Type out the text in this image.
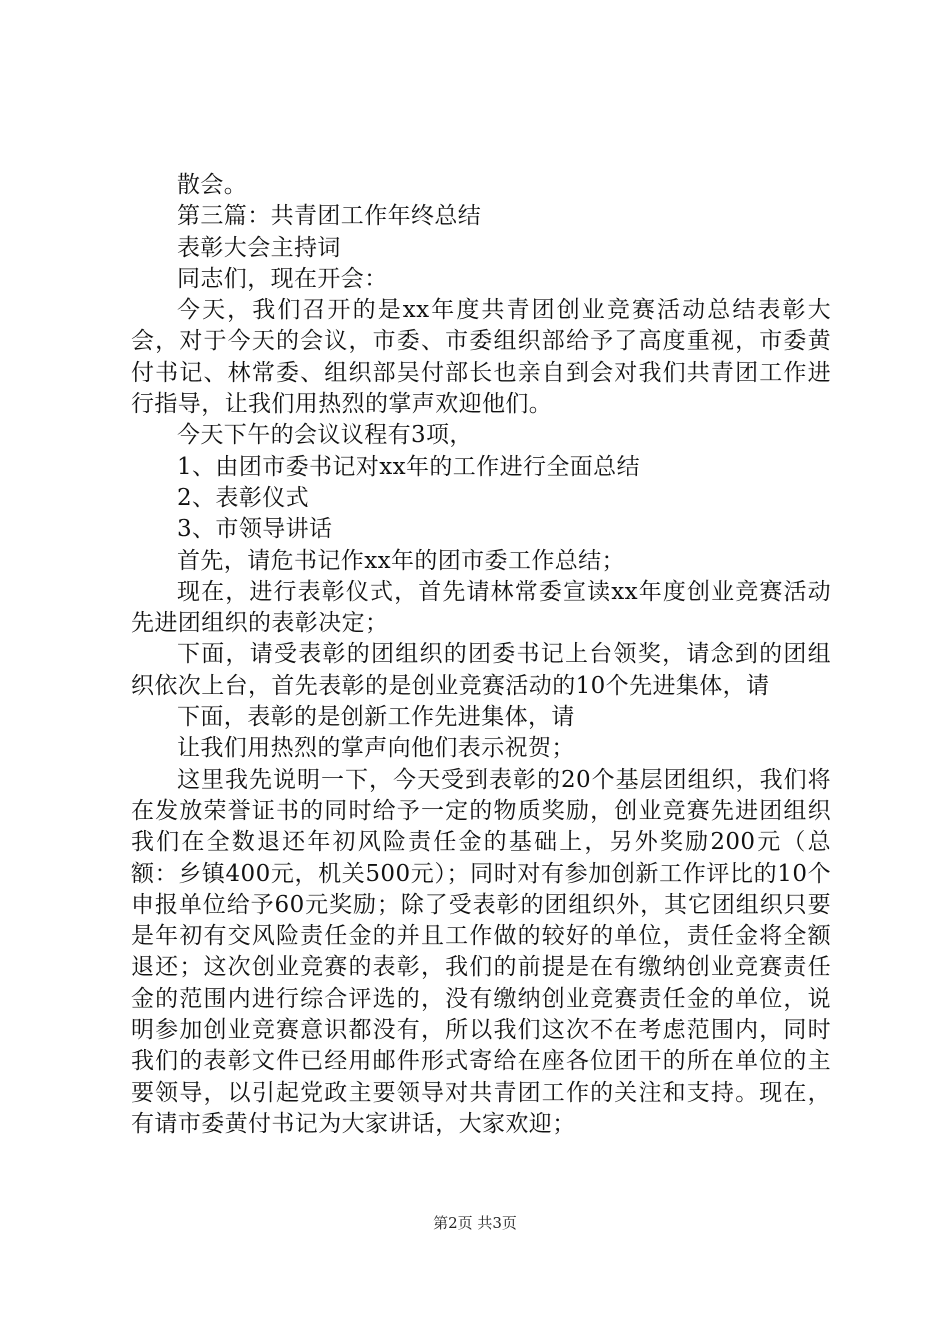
散会。

第三篇：共青团工作年终总结

表彰大会主持词

同志们，现在开会：

今天，我们召开的是xx年度共青团创业竞赛活动总结表彰大会，对于今天的会议，市委、市委组织部给予了高度重视，市委黄付书记、林常委、组织部吴付部长也亲自到会对我们共青团工作进行指导，让我们用热烈的掌声欢迎他们。

今天下午的会议议程有3项，

1、由团市委书记对xx年的工作进行全面总结

2、表彰仪式

3、市领导讲话

首先，请危书记作xx年的团市委工作总结；

现在，进行表彰仪式，首先请林常委宣读xx年度创业竞赛活动先进团组织的表彰决定；

下面，请受表彰的团组织的团委书记上台领奖，请念到的团组织依次上台，首先表彰的是创业竞赛活动的10个先进集体，请

下面，表彰的是创新工作先进集体，请

让我们用热烈的掌声向他们表示祝贺；

这里我先说明一下，今天受到表彰的20个基层团组织，我们将在发放荣誉证书的同时给予一定的物质奖励，创业竞赛先进团组织我们在全数退还年初风险责任金的基础上，另外奖励200元（总额：乡镇400元，机关500元）；同时对有参加创新工作评比的10个申报单位给予60元奖励；除了受表彰的团组织外，其它团组织只要是年初有交风险责任金的并且工作做的较好的单位，责任金将全额退还；这次创业竞赛的表彰，我们的前提是在有缴纳创业竞赛责任金的范围内进行综合评选的，没有缴纳创业竞赛责任金的单位，说明参加创业竞赛意识都没有，所以我们这次不在考虑范围内，同时我们的表彰文件已经用邮件形式寄给在座各位团干的所在单位的主要领导，以引起党政主要领导对共青团工作的关注和支持。现在，有请市委黄付书记为大家讲话，大家欢迎；

第2页 共3页
